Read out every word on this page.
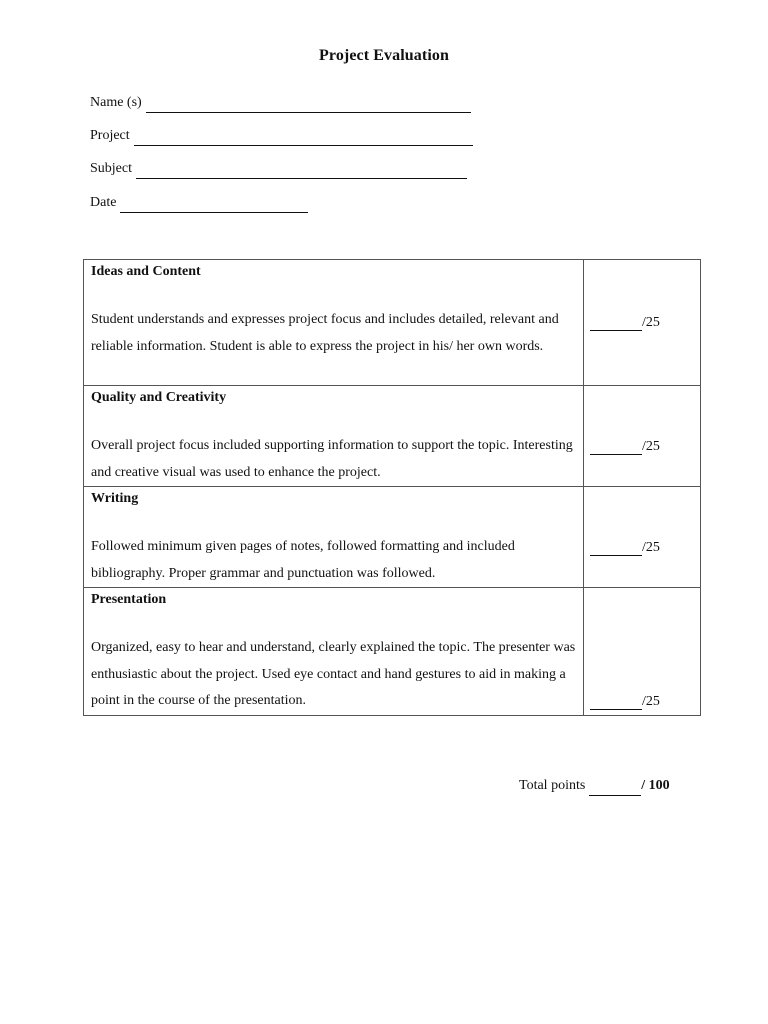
Project Evaluation
Name (s)
Project
Subject
Date
Ideas and Content
Student understands and expresses project focus and includes detailed, relevant and reliable information. Student is able to express the project in his/ her own words.	/25

Quality and Creativity
Overall project focus included supporting information to support the topic. Interesting and creative visual was used to enhance the project.	/25

Writing
Followed minimum given pages of notes, followed formatting and included bibliography. Proper grammar and punctuation was followed.	/25

Presentation
Organized, easy to hear and understand, clearly explained the topic. The presenter was enthusiastic about the project. Used eye contact and hand gestures to aid in making a point in the course of the presentation.	/25
Total points	/ 100
